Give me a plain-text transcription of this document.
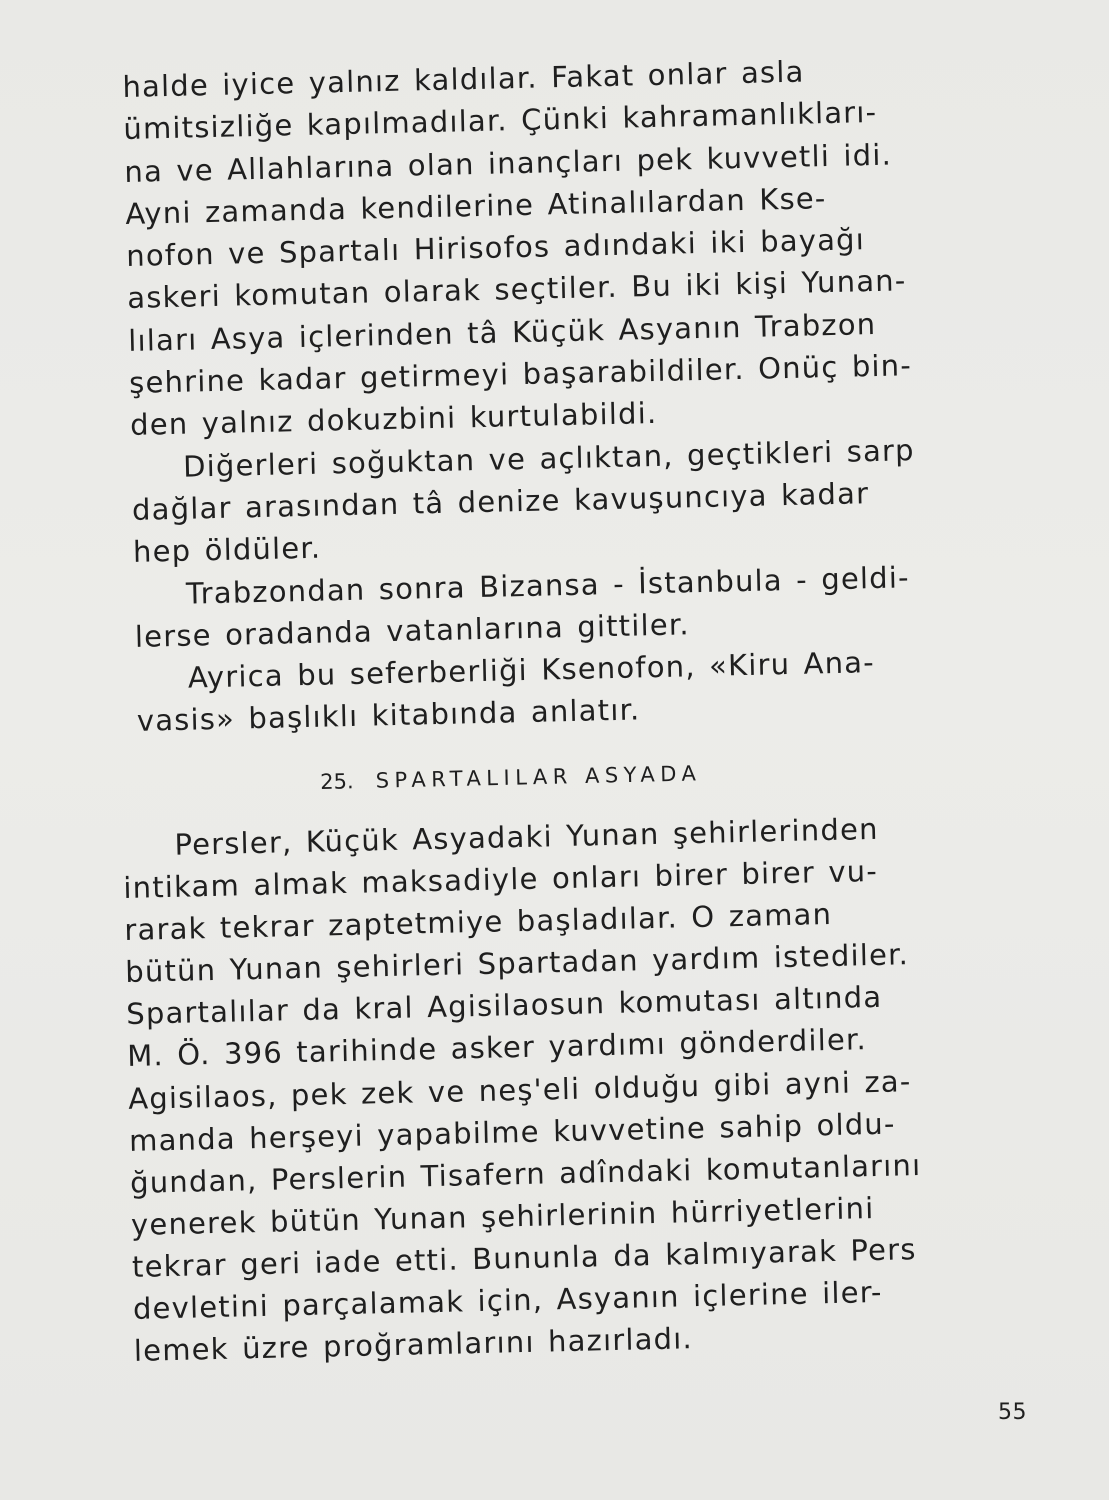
halde iyice yalnız kaldılar. Fakat onlar asla
ümitsizliğe kapılmadılar. Çünki kahramanlıkları-
na ve Allahlarına olan inançları pek kuvvetli idi.
Ayni zamanda kendilerine Atinalılardan Kse-
nofon ve Spartalı Hirisofos adındaki iki bayağı
askeri komutan olarak seçtiler. Bu iki kişi Yunan-
lıları Asya içlerinden tâ Küçük Asyanın Trabzon
şehrine kadar getirmeyi başarabildiler. Onüç bin-
den yalnız dokuzbini kurtulabildi.
Diğerleri soğuktan ve açlıktan, geçtikleri sarp
dağlar arasından tâ denize kavuşuncıya kadar
hep öldüler.
Trabzondan sonra Bizansa - İstanbula - geldi-
lerse oradanda vatanlarına gittiler.
Ayrica bu seferberliği Ksenofon, «Kiru Ana-
vasis» başlıklı kitabında anlatır.
25. SPARTALILAR ASYADA
Persler, Küçük Asyadaki Yunan şehirlerinden
intikam almak maksadiyle onları birer birer vu-
rarak tekrar zaptetmiye başladılar. O zaman
bütün Yunan şehirleri Spartadan yardım istediler.
Spartalılar da kral Agisilaosun komutası altında
M. Ö. 396 tarihinde asker yardımı gönderdiler.
Agisilaos, pek zek ve neş'eli olduğu gibi ayni za-
manda herşeyi yapabilme kuvvetine sahip oldu-
ğundan, Perslerin Tisafern adîndaki komutanlarını
yenerek bütün Yunan şehirlerinin hürriyetlerini
tekrar geri iade etti. Bununla da kalmıyarak Pers
devletini parçalamak için, Asyanın içlerine iler-
lemek üzre proğramlarını hazırladı.
55
